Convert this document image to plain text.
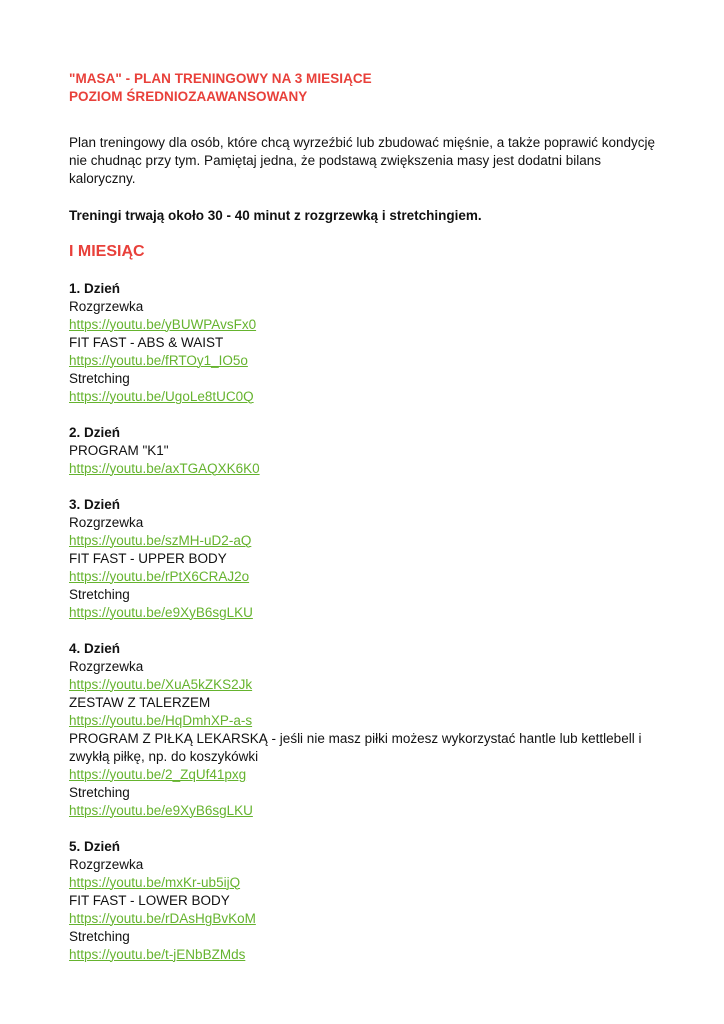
"MASA" - PLAN TRENINGOWY NA 3 MIESIĄCE
POZIOM ŚREDNIOZAAWANSOWANY

Plan treningowy dla osób, które chcą wyrzeźbić lub zbudować mięśnie, a także poprawić kondycję nie chudnąc przy tym. Pamiętaj jedna, że podstawą zwiększenia masy jest dodatni bilans kaloryczny.

Treningi trwają około 30 - 40 minut z rozgrzewką i stretchingiem.

I MIESIĄC
1. Dzień
Rozgrzewka
https://youtu.be/yBUWPAvsFx0
FIT FAST - ABS & WAIST
https://youtu.be/fRTOy1_IO5o
Stretching
https://youtu.be/UgoLe8tUC0Q
2. Dzień
PROGRAM "K1"
https://youtu.be/axTGAQXK6K0
3. Dzień
Rozgrzewka
https://youtu.be/szMH-uD2-aQ
FIT FAST - UPPER BODY
https://youtu.be/rPtX6CRAJ2o
Stretching
https://youtu.be/e9XyB6sgLKU
4. Dzień
Rozgrzewka
https://youtu.be/XuA5kZKS2Jk
ZESTAW Z TALERZEM
https://youtu.be/HqDmhXP-a-s
PROGRAM Z PIŁKĄ LEKARSKĄ - jeśli nie masz piłki możesz wykorzystać hantle lub kettlebell i zwykłą piłkę, np. do koszykówki
https://youtu.be/2_ZqUf41pxg
Stretching
https://youtu.be/e9XyB6sgLKU
5. Dzień
Rozgrzewka
https://youtu.be/mxKr-ub5ijQ
FIT FAST - LOWER BODY
https://youtu.be/rDAsHgBvKoM
Stretching
https://youtu.be/t-jENbBZMds
